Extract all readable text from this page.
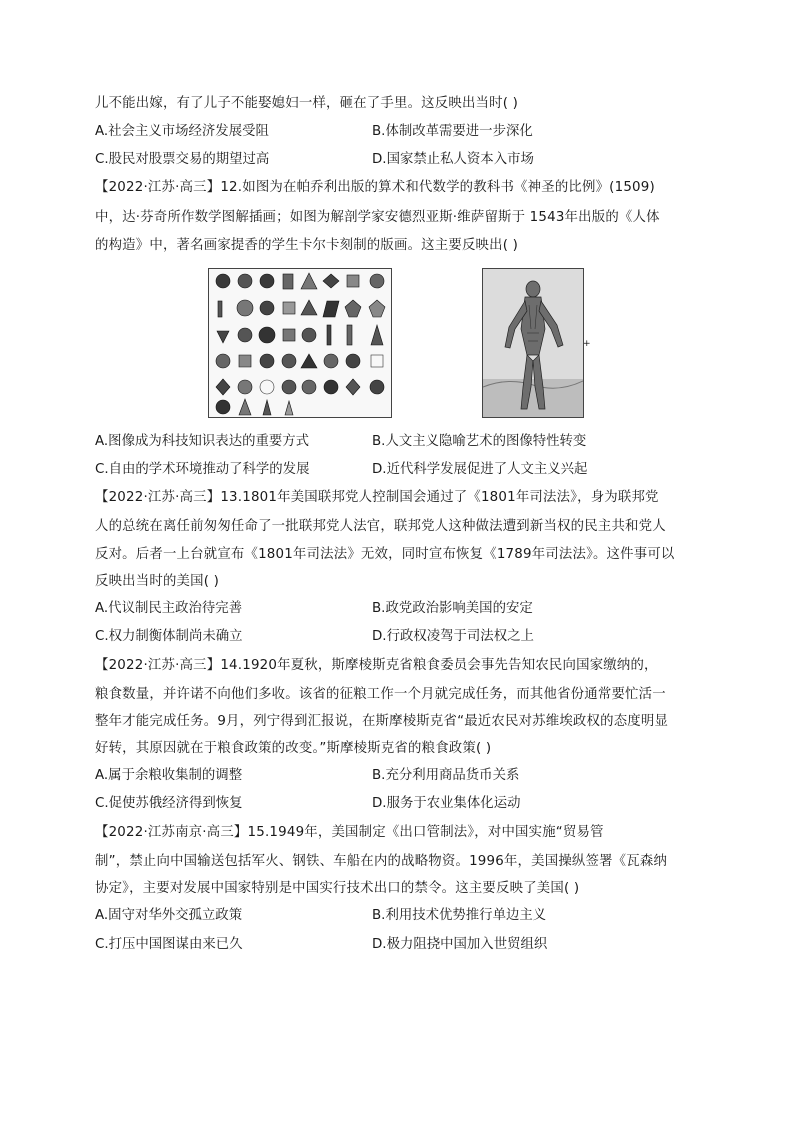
儿不能出嫁，有了儿子不能娶媳妇一样，砸在了手里。这反映出当时( )
A.社会主义市场经济发展受阻	B.体制改革需要进一步深化
C.股民对股票交易的期望过高	D.国家禁止私人资本入市场
【2022·江苏·高三】12.如图为在帕乔利出版的算术和代数学的教科书《神圣的比例》(1509)
中，达·芬奇所作数学图解插画；如图为解剖学家安德烈亚斯·维萨留斯于 1543年出版的《人体
的构造》中，著名画家提香的学生卡尔卡刻制的版画。这主要反映出( )
+
A.图像成为科技知识表达的重要方式	B.人文主义隐喻艺术的图像特性转变
C.自由的学术环境推动了科学的发展	D.近代科学发展促进了人文主义兴起
【2022·江苏·高三】13.1801年美国联邦党人控制国会通过了《1801年司法法》，身为联邦党
人的总统在离任前匆匆任命了一批联邦党人法官，联邦党人这种做法遭到新当权的民主共和党人
反对。后者一上台就宣布《1801年司法法》无效，同时宣布恢复《1789年司法法》。这件事可以
反映出当时的美国( )
A.代议制民主政治待完善	B.政党政治影响美国的安定
C.权力制衡体制尚未确立	D.行政权凌驾于司法权之上
【2022·江苏·高三】14.1920年夏秋，斯摩棱斯克省粮食委员会事先告知农民向国家缴纳的，
粮食数量，并许诺不向他们多收。该省的征粮工作一个月就完成任务，而其他省份通常要忙活一
整年才能完成任务。9月，列宁得到汇报说，在斯摩棱斯克省“最近农民对苏维埃政权的态度明显
好转，其原因就在于粮食政策的改变。”斯摩棱斯克省的粮食政策( )
A.属于余粮收集制的调整	B.充分利用商品货币关系
C.促使苏俄经济得到恢复	D.服务于农业集体化运动
【2022·江苏南京·高三】15.1949年，美国制定《出口管制法》，对中国实施“贸易管
制”，禁止向中国输送包括军火、钢铁、车船在内的战略物资。1996年，美国操纵签署《瓦森纳
协定》，主要对发展中国家特别是中国实行技术出口的禁令。这主要反映了美国( )
A.固守对华外交孤立政策	B.利用技术优势推行单边主义
C.打压中国图谋由来已久	D.极力阻挠中国加入世贸组织
